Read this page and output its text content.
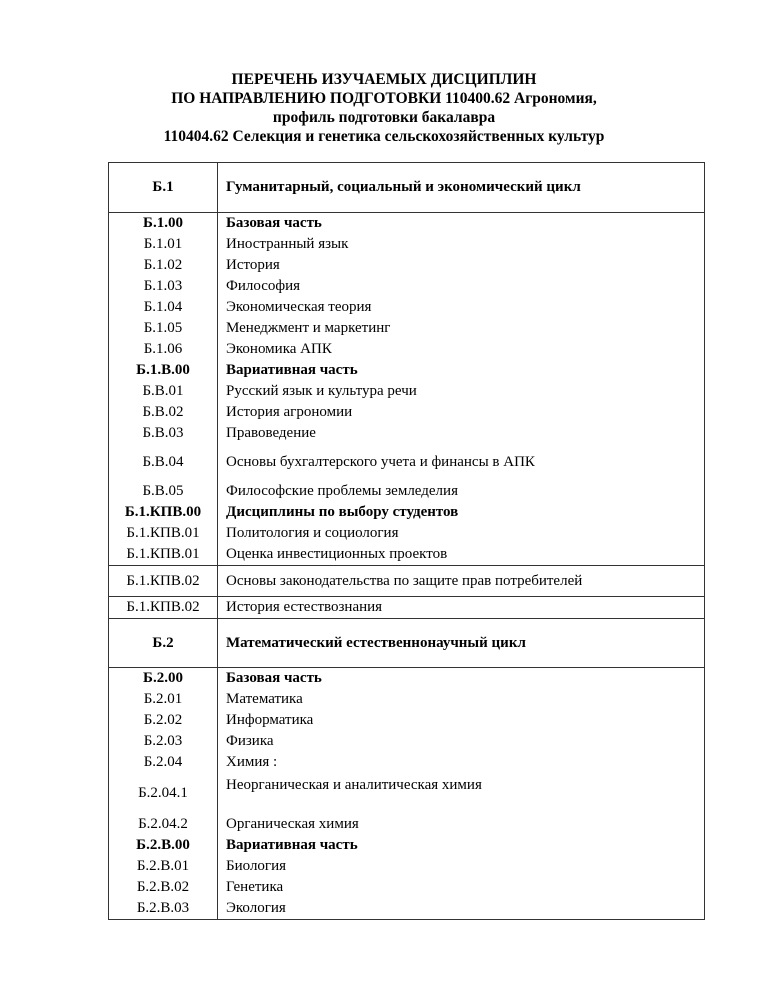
ПЕРЕЧЕНЬ ИЗУЧАЕМЫХ ДИСЦИПЛИН
ПО НАПРАВЛЕНИЮ ПОДГОТОВКИ 110400.62 Агрономия,
профиль подготовки бакалавра
110404.62 Селекция и генетика сельскохозяйственных культур
Б.1	Гуманитарный, социальный и экономический цикл
Б.1.00	Базовая часть
Б.1.01	Иностранный язык
Б.1.02	История
Б.1.03	Философия
Б.1.04	Экономическая теория
Б.1.05	Менеджмент и маркетинг
Б.1.06	Экономика АПК
Б.1.В.00	Вариативная часть
Б.В.01	Русский язык и культура речи
Б.В.02	История агрономии
Б.В.03	Правоведение
Б.В.04	Основы бухгалтерского учета и финансы в АПК
Б.В.05	Философские проблемы земледелия
Б.1.КПВ.00	Дисциплины по выбору студентов
Б.1.КПВ.01	Политология и социология
Б.1.КПВ.01	Оценка инвестиционных проектов
Б.1.КПВ.02	Основы законодательства по защите прав потребителей
Б.1.КПВ.02	История естествознания
Б.2	Математический естественнонаучный цикл
Б.2.00	Базовая часть
Б.2.01	Математика
Б.2.02	Информатика
Б.2.03	Физика
Б.2.04	Химия :
Б.2.04.1	Неорганическая и аналитическая химия
Б.2.04.2	Органическая химия
Б.2.В.00	Вариативная часть
Б.2.В.01	Биология
Б.2.В.02	Генетика
Б.2.В.03	Экология
